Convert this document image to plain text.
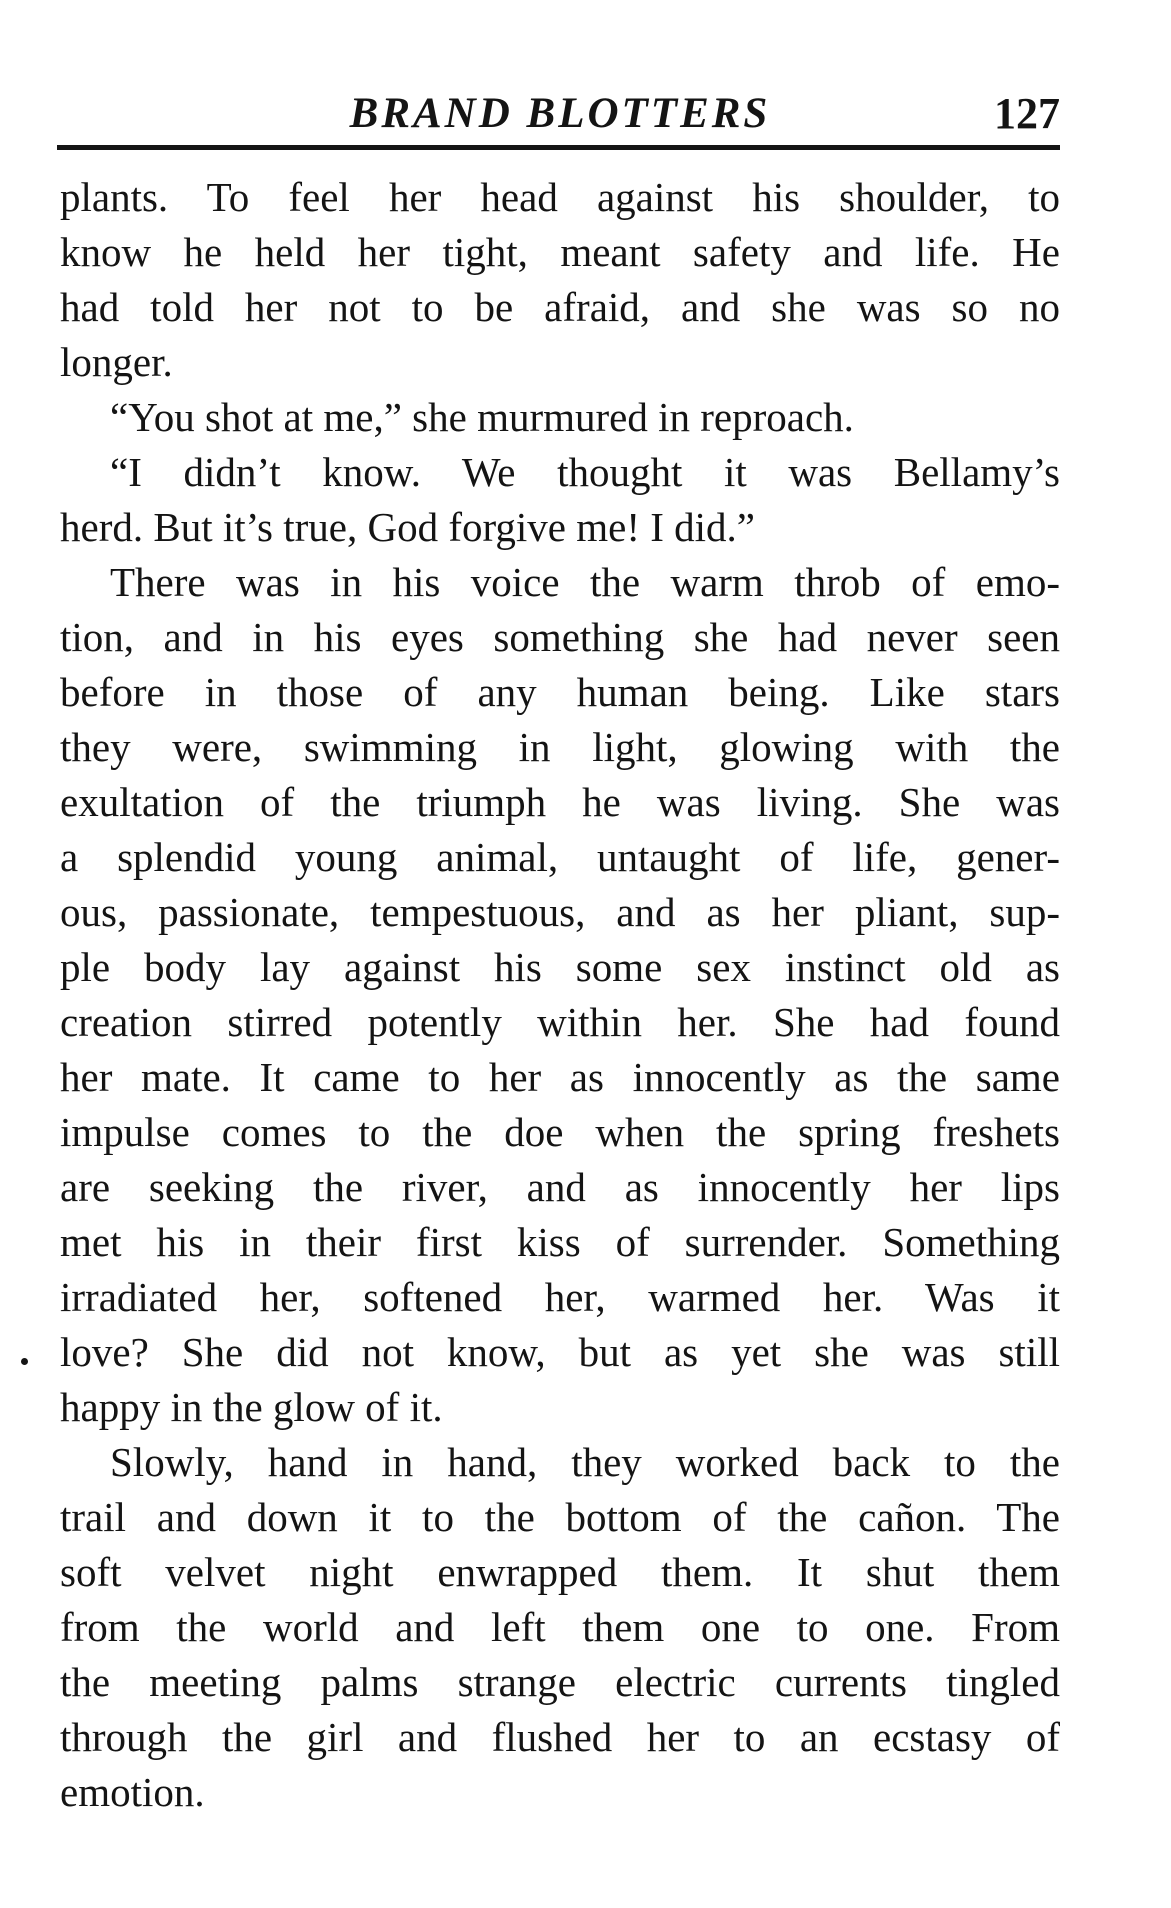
BRAND BLOTTERS	127
plants. To feel her head against his shoulder, to
know he held her tight, meant safety and life. He
had told her not to be afraid, and she was so no
longer.
“You shot at me,” she murmured in reproach.
“I didn’t know. We thought it was Bellamy’s
herd. But it’s true, God forgive me! I did.”
There was in his voice the warm throb of emo-
tion, and in his eyes something she had never seen
before in those of any human being. Like stars
they were, swimming in light, glowing with the
exultation of the triumph he was living. She was
a splendid young animal, untaught of life, gener-
ous, passionate, tempestuous, and as her pliant, sup-
ple body lay against his some sex instinct old as
creation stirred potently within her. She had found
her mate. It came to her as innocently as the same
impulse comes to the doe when the spring freshets
are seeking the river, and as innocently her lips
met his in their first kiss of surrender. Something
irradiated her, softened her, warmed her. Was it
love? She did not know, but as yet she was still
happy in the glow of it.
Slowly, hand in hand, they worked back to the
trail and down it to the bottom of the cañon. The
soft velvet night enwrapped them. It shut them
from the world and left them one to one. From
the meeting palms strange electric currents tingled
through the girl and flushed her to an ecstasy of
emotion.
